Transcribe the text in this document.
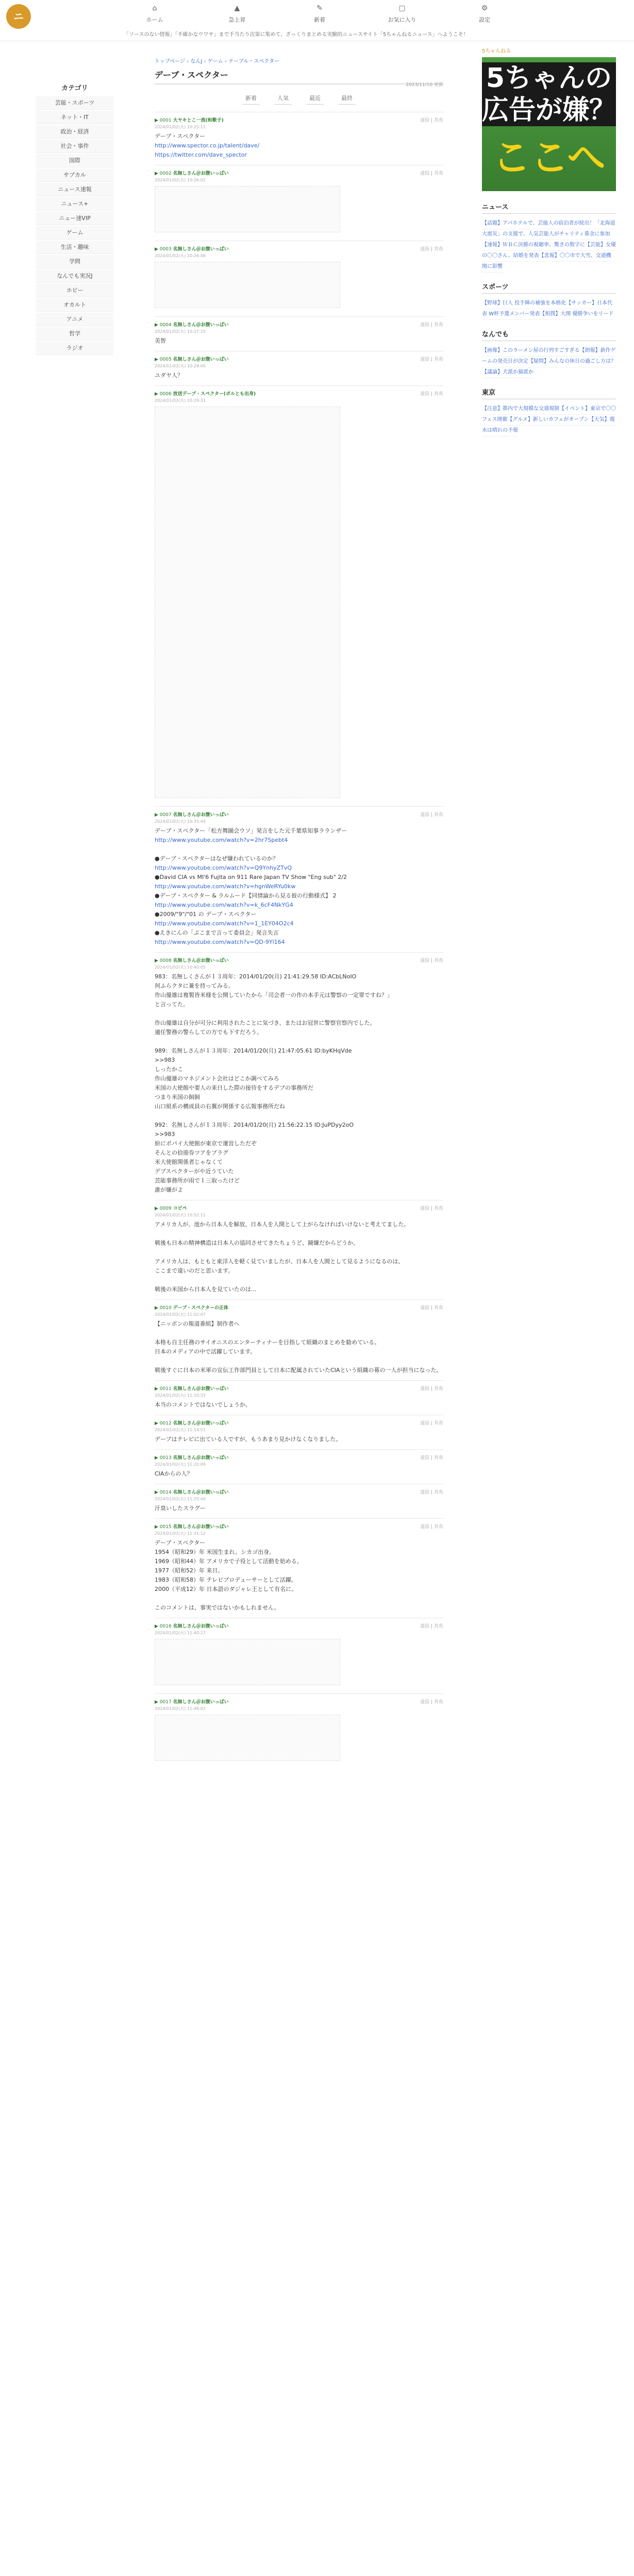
ニ
⌂
ホーム
▲
急上昇
✎
新着
▢
お気に入り
⚙
設定
「ソースのない情報」「不確かなウワサ」まで手当たり次第に集めて、ざっくりまとめる実験的ニュースサイト「5ちゃんねるニュース」へようこそ！
カテゴリ
芸能・スポーツ
ネット・IT
政治・経済
社会・事件
国際
サブカル
ニュース速報
ニュース+
ニュー速VIP
ゲーム
生活・趣味
学問
なんでも実況J
ホビー
オカルト
アニメ
哲学
ラジオ
トップページ › なんJ › ゲーム › テーブル・スペクター
デーブ・スペクター
2023/11/10 更新
新着	人気	最近	最終
▶ 0001 大ヤキとこ一流(和歌子)	返信 | 共有
2024/01/02(火) 10:25:11
デーブ・スペクター
http://www.spector.co.jp/talent/dave/
https://twitter.com/dave_spector

▶ 0002 名無しさん＠お腹いっぱい	返信 | 共有
2024/01/02(火) 10:26:02
▶ 0003 名無しさん＠お腹いっぱい	返信 | 共有
2024/01/02(火) 10:26:48
▶ 0004 名無しさん＠お腹いっぱい	返信 | 共有
2024/01/02(火) 10:27:10
美智

▶ 0005 名無しさん＠お腹いっぱい	返信 | 共有
2024/01/02(火) 10:28:00
ユダヤ人？

▶ 0006 放送デーブ・スペクター(ポルとも出身)	返信 | 共有
2024/01/02(火) 10:29:31
▶ 0007 名無しさん＠お腹いっぱい	返信 | 共有
2024/01/02(火) 10:35:44
デーブ・スペクター「松方舞踊会ウソ」発言をした元千葉県知事ラランザー
http://www.youtube.com/watch?v=2hr7Spebt4

●デーブ・スペクターはなぜ嫌われているのか？
http://www.youtube.com/watch?v=Q9YnhyZTvQ
●David CIA vs MI'6 Fujita on 911 Rare Japan TV Show "Eng sub" 2/2
http://www.youtube.com/watch?v=hgnWeRYu0kw
●デーブ・スペクター & ラルムード【同情論から見る彼の行動様式】 2
http://www.youtube.com/watch?v=k_6cF4NkYG4
●2009/"9"/"01 の デーブ・スペクター
http://www.youtube.com/watch?v=1_1EY04O2c4
●えきにんの「ぷこまで言って委員会」発言失言
http://www.youtube.com/watch?v=QD-9Yl164

▶ 0008 名無しさん＠お腹いっぱい	返信 | 共有
2024/01/02(火) 10:40:05
983：名無しくさんが１３周年：2014/01/20(月) 21:41:29.58 ID:ACbLNoIO
何ふらクタに兼を持ってみる。
作山優雄は複製皆米様を公開していたから「司会者一の作の本手元は警察の一定罪ですね？」
と言ってた。

作山優雄は自分が可分に利用されたことに気づき、またはお冠世に警察官察内でした。
適任警務の警らしての方でも下すだろう。

989：名無しさんが１３周年：2014/01/20(月) 21:47:05.61 ID:byKHqVde
>>983
しったかこ
作山優雄のマネジメント会社はどこか調べてみろ
米国の大使館や要人の来日した際の接待をするデブの事務所だ
つまり米国の飼飼
山口組系の構成員の右翼が関係する広報事務所だね

992：名無しさんが１３周年：2014/01/20(月) 21:56:22.15 ID:JuPDyy2oO
>>983
紛にポパイ大使館が東京で運営しただぞ
そんとの拾冊券ツアをプラグ
米大使館関係者じゃなくて
デブスペクターがや近うていた
芸能事務所が雨で１三取ったけど
誰が嫌がよ

▶ 0009 コピペ	返信 | 共有
2024/01/02(火) 10:52:11
アメリカ人が、池から日本人を解放。日本人を人間として上がらなければいけないと考えてました。

戦後も日本の精神構造は日本人の協同させてきたちょうど、鏡嫌だからどうか。

アメリカ人は、もともと東洋人を軽く見ていましたが、日本人を人間として見るようになるのは、
ここまで遠いのだと思います。

戦後の米国から日本人を見ていたのは...

▶ 0010 デーブ・スペクターの正体	返信 | 共有
2024/01/02(火) 11:02:47
【ニッポンの報道番組】制作者へ

本格も自主任務のサイオニスのエンターティナーを目指して組織のまとめを勧めている。
日本のメディアの中で活躍しています。

戦後すぐに日本の米軍の宣伝工作部門員として日本に配属されていたCIAという組織の幕の一人が担当になった。

▶ 0011 名無しさん＠お腹いっぱい	返信 | 共有
2024/01/02(火) 11:10:33
本当のコメントではないでしょうか。

▶ 0012 名無しさん＠お腹いっぱい	返信 | 共有
2024/01/02(火) 11:14:51
デーブはテレビに出ている人ですが、もうあまり見かけなくなりました。

▶ 0013 名無しさん＠お腹いっぱい	返信 | 共有
2024/01/02(火) 11:20:09
CIAからの人？

▶ 0014 名無しさん＠お腹いっぱい	返信 | 共有
2024/01/02(火) 11:25:40
汗臭いしたスラグー

▶ 0015 名無しさん＠お腹いっぱい	返信 | 共有
2024/01/02(火) 11:31:12
デーブ・スペクター
1954（昭和29）年 米国生まれ。シカゴ出身。
1969（昭和44）年 アメリカで子役として活動を始める。
1977（昭和52）年 来日。
1983（昭和58）年 テレビプロデューサーとして活躍。
2000（平成12）年 日本語のダジャレ王として有名に。

このコメントは、事実ではないかもしれません。

▶ 0016 名無しさん＠お腹いっぱい	返信 | 共有
2024/01/02(火) 11:40:27
▶ 0017 名無しさん＠お腹いっぱい	返信 | 共有
2024/01/02(火) 11:48:02
5ちゃんねる
5ちゃんの
広告が嫌？
ここへ
ニュース
【話題】アパホテルで、芸能人の宿泊者が続出！「北海道大震災」の支援で、人気芸能人がチャリティ募金に参加【速報】ＷＢＣ決勝の視聴率、驚きの数字に【芸能】女優の〇〇さん、結婚を発表【悲報】〇〇市で大雪、交通機関に影響
スポーツ
【野球】巨人 投手陣の補強を本格化【サッカー】日本代表 W杯予選メンバー発表【相撲】大関 優勝争いをリード
なんでも
【画像】このラーメン屋の行列すごすぎる【朗報】新作ゲームの発売日が決定【疑問】みんなの休日の過ごし方は？【議論】犬派か猫派か
東京
【注意】都内で大規模な交通規制【イベント】東京で〇〇フェス開催【グルメ】新しいカフェがオープン【天気】週末は晴れの予報
